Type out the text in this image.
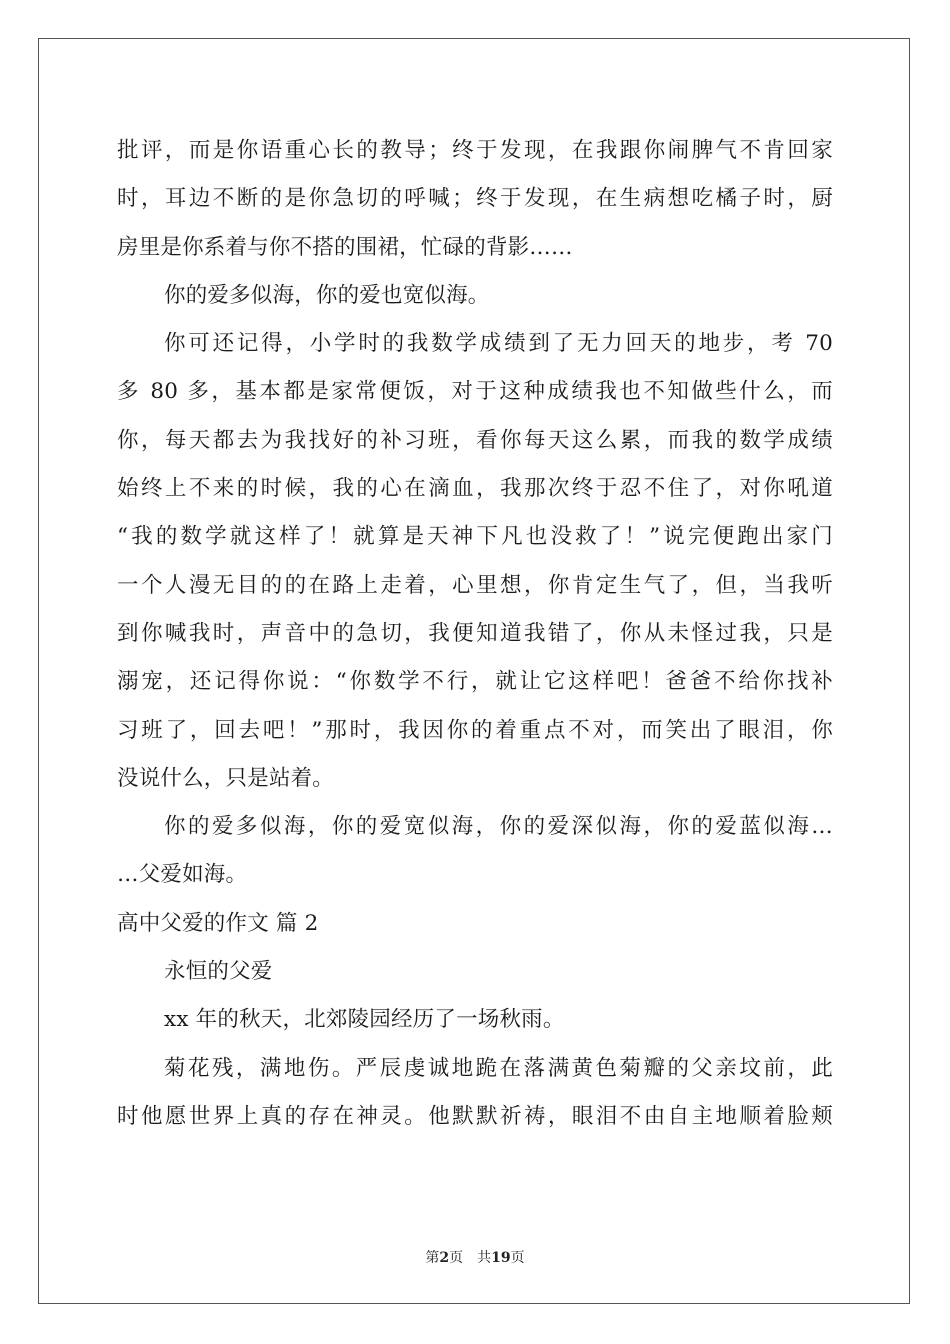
批评，而是你语重心长的教导；终于发现，在我跟你闹脾气不肯回家
时，耳边不断的是你急切的呼喊；终于发现，在生病想吃橘子时，厨
房里是你系着与你不搭的围裙，忙碌的背影……
你的爱多似海，你的爱也宽似海。
你可还记得，小学时的我数学成绩到了无力回天的地步，考 70
多 80 多，基本都是家常便饭，对于这种成绩我也不知做些什么，而
你，每天都去为我找好的补习班，看你每天这么累，而我的数学成绩
始终上不来的时候，我的心在滴血，我那次终于忍不住了，对你吼道
“我的数学就这样了！就算是天神下凡也没救了！”说完便跑出家门
一个人漫无目的的在路上走着，心里想，你肯定生气了，但，当我听
到你喊我时，声音中的急切，我便知道我错了，你从未怪过我，只是
溺宠，还记得你说：“你数学不行，就让它这样吧！爸爸不给你找补
习班了，回去吧！”那时，我因你的着重点不对，而笑出了眼泪，你
没说什么，只是站着。
你的爱多似海，你的爱宽似海，你的爱深似海，你的爱蓝似海…
…父爱如海。
高中父爱的作文 篇 2
永恒的父爱
xx 年的秋天，北郊陵园经历了一场秋雨。
菊花残，满地伤。严辰虔诚地跪在落满黄色菊瓣的父亲坟前，此
时他愿世界上真的存在神灵。他默默祈祷，眼泪不由自主地顺着脸颊
第2页 共19页
